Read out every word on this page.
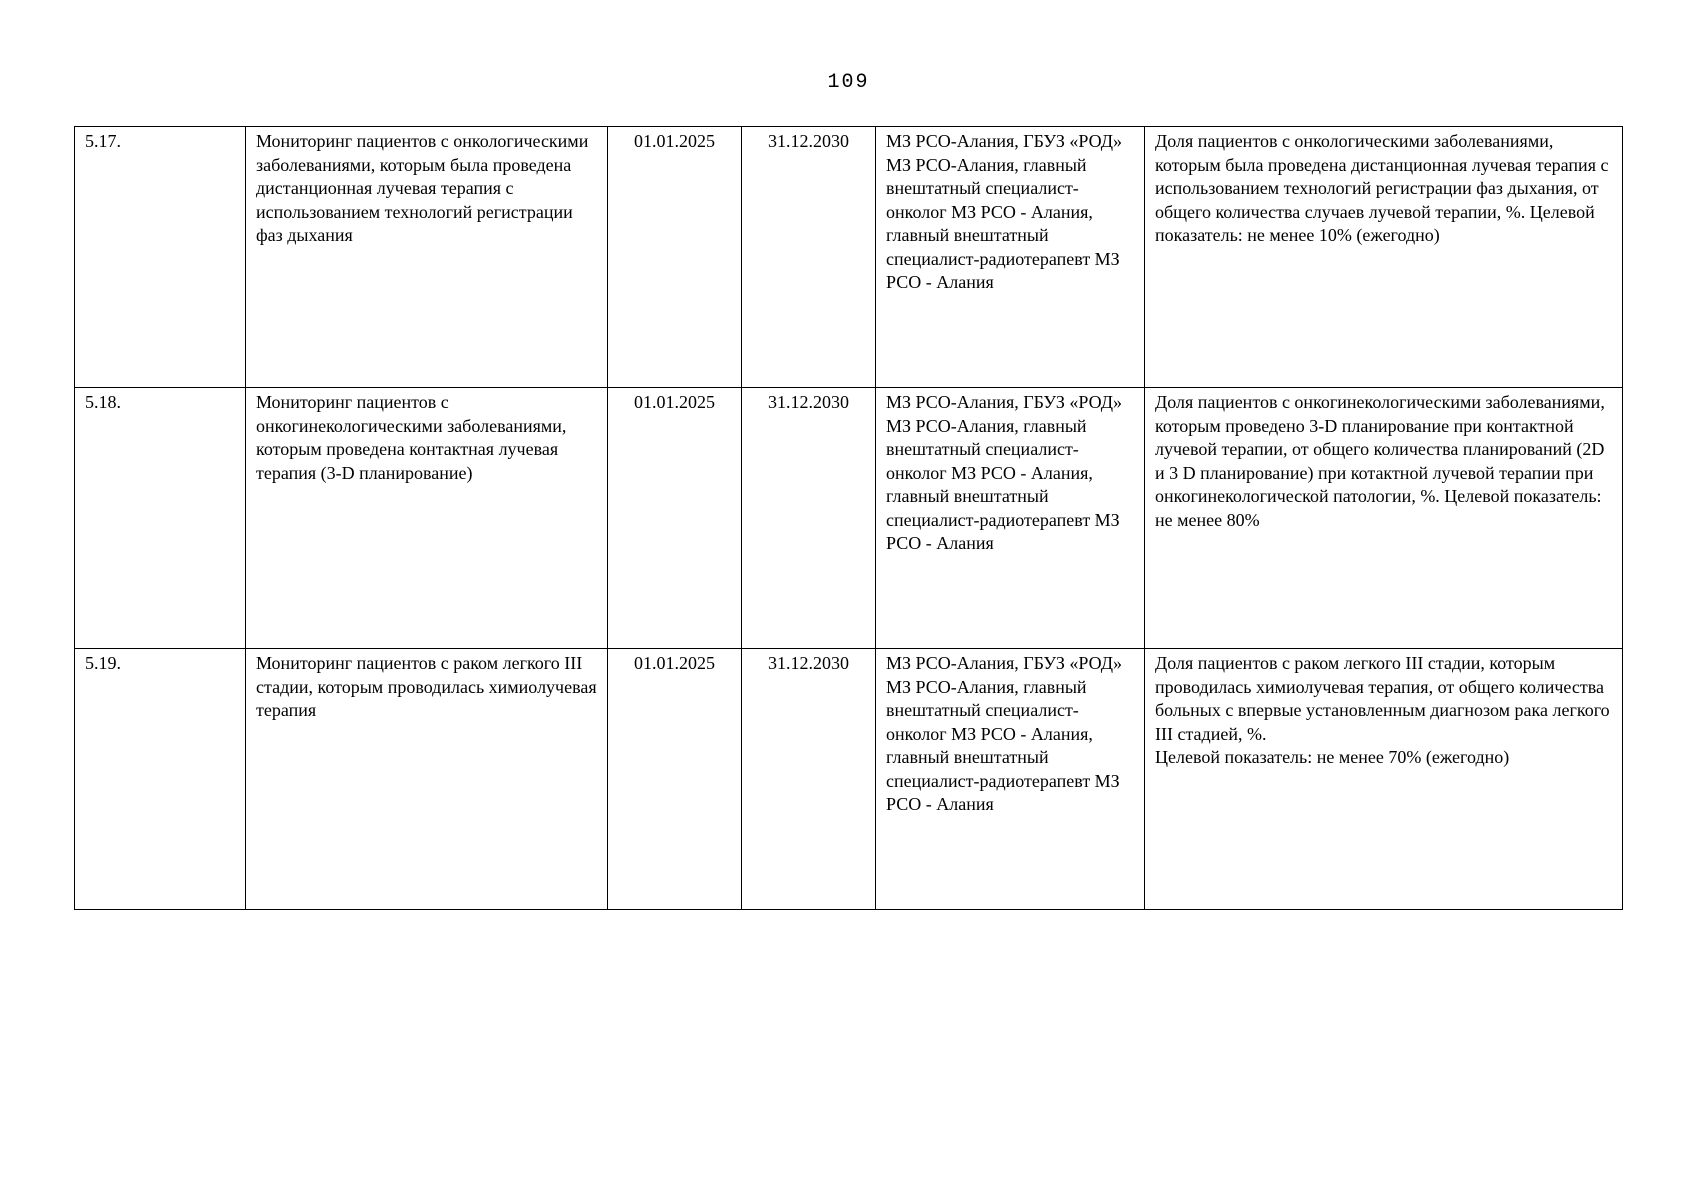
109
5.17.	Мониторинг пациентов с онкологическими заболеваниями, которым была проведена дистанционная лучевая терапия с использованием технологий регистрации фаз дыхания	01.01.2025	31.12.2030	МЗ РСО-Алания, ГБУЗ «РОД» МЗ РСО-Алания, главный внештатный специалист-онколог МЗ РСО - Алания, главный внештатный специалист-радиотерапевт МЗ РСО - Алания	Доля пациентов с онкологическими заболеваниями, которым была проведена дистанционная лучевая терапия с использованием технологий регистрации фаз дыхания, от общего количества случаев лучевой терапии, %. Целевой показатель: не менее 10% (ежегодно)

5.18.	Мониторинг пациентов с онкогинекологическими заболеваниями, которым проведена контактная лучевая терапия (3-D планирование)	01.01.2025	31.12.2030	МЗ РСО-Алания, ГБУЗ «РОД» МЗ РСО-Алания, главный внештатный специалист-онколог МЗ РСО - Алания, главный внештатный специалист-радиотерапевт МЗ РСО - Алания	Доля пациентов с онкогинекологическими заболеваниями, которым проведено 3-D планирование при контактной лучевой терапии, от общего количества планирований (2D и 3 D планирование) при котактной лучевой терапии при онкогинекологической патологии, %. Целевой показатель: не менее 80%

5.19.	Мониторинг пациентов с раком легкого III стадии, которым проводилась химиолучевая терапия	01.01.2025	31.12.2030	МЗ РСО-Алания, ГБУЗ «РОД» МЗ РСО-Алания, главный внештатный специалист-онколог МЗ РСО - Алания, главный внештатный специалист-радиотерапевт МЗ РСО - Алания	Доля пациентов с раком легкого III стадии, которым проводилась химиолучевая терапия, от общего количества больных с впервые установленным диагнозом рака легкого III стадией, %.
Целевой показатель: не менее 70% (ежегодно)
